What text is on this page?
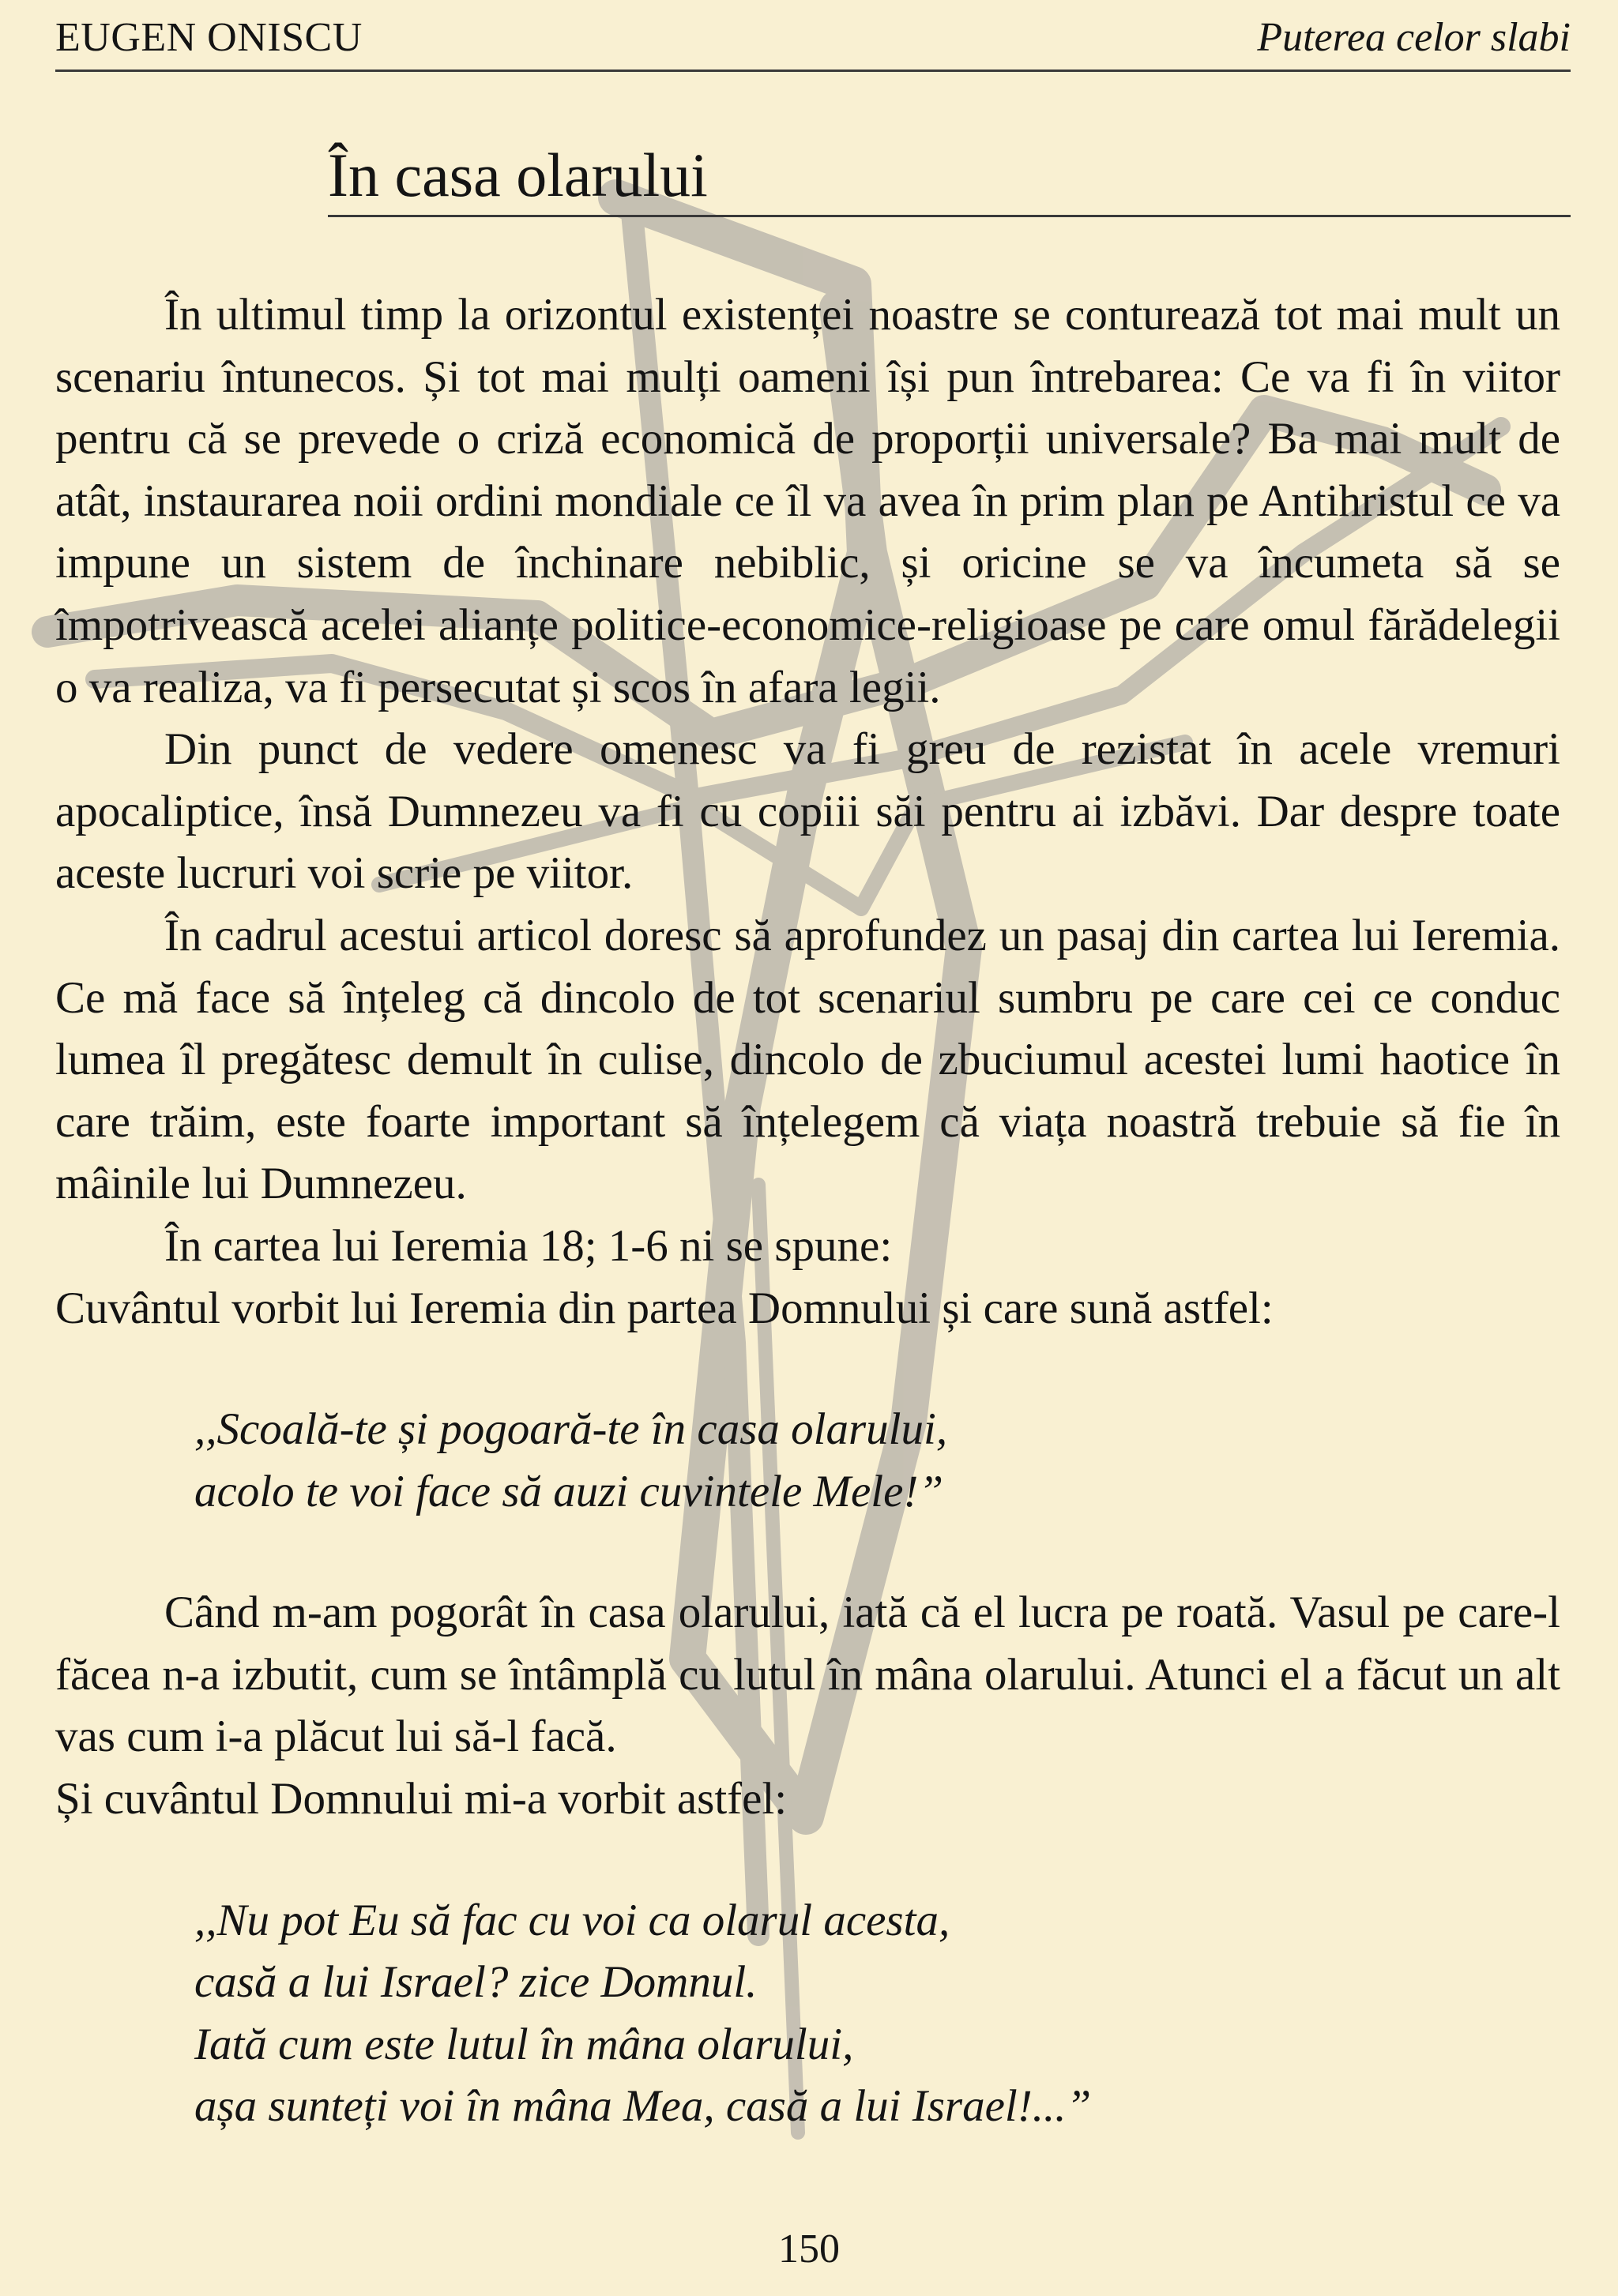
EUGEN ONISCU	Puterea celor slabi
În casa olarului

În ultimul timp la orizontul existenței noastre se conturează tot mai mult un scenariu întunecos. Și tot mai mulți oameni își pun întrebarea: Ce va fi în viitor pentru că se prevede o criză economică de proporții universale? Ba mai mult de atât, instaurarea noii ordini mondiale ce îl va avea în prim plan pe Antihristul ce va impune un sistem de închinare nebiblic, și oricine se va încumeta să se împotrivească acelei alianțe politice-economice-religioase pe care omul fărădelegii o va realiza, va fi persecutat și scos în afara legii.

Din punct de vedere omenesc va fi greu de rezistat în acele vremuri apocaliptice, însă Dumnezeu va fi cu copiii săi pentru ai izbăvi. Dar despre toate aceste lucruri voi scrie pe viitor.

În cadrul acestui articol doresc să aprofundez un pasaj din cartea lui Ieremia. Ce mă face să înțeleg că dincolo de tot scenariul sumbru pe care cei ce conduc lumea îl pregătesc demult în culise, dincolo de zbuciumul acestei lumi haotice în care trăim, este foarte important să înțelegem că viața noastră trebuie să fie în mâinile lui Dumnezeu.

În cartea lui Ieremia 18; 1-6 ni se spune:

Cuvântul vorbit lui Ieremia din partea Domnului și care sună astfel:

,,Scoală-te și pogoară-te în casa olarului,
acolo te voi face să auzi cuvintele Mele!”

Când m-am pogorât în casa olarului, iată că el lucra pe roată. Vasul pe care-l făcea n-a izbutit, cum se întâmplă cu lutul în mâna olarului. Atunci el a făcut un alt vas cum i-a plăcut lui să-l facă.

Și cuvântul Domnului mi-a vorbit astfel:

,,Nu pot Eu să fac cu voi ca olarul acesta,
casă a lui Israel? zice Domnul.
Iată cum este lutul în mâna olarului,
așa sunteți voi în mâna Mea, casă a lui Israel!...”
150
